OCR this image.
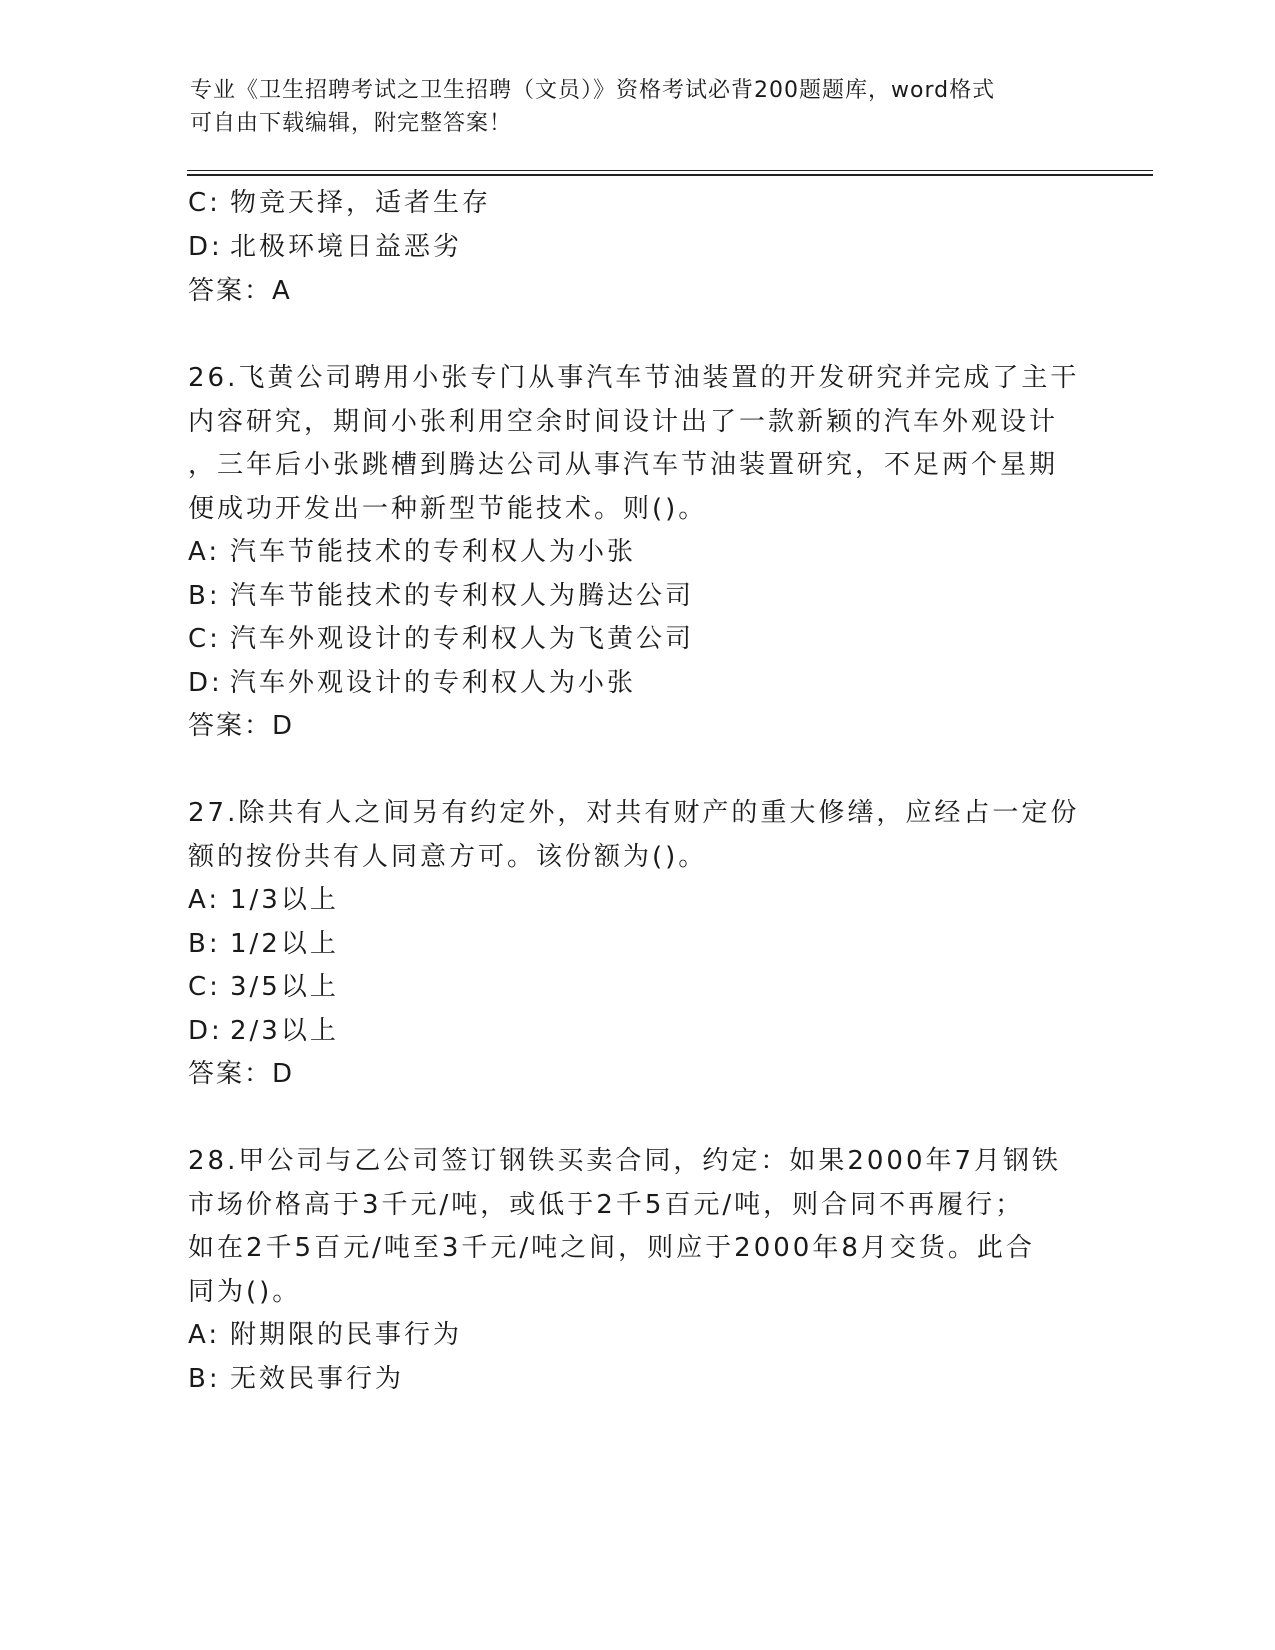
专业《卫生招聘考试之卫生招聘（文员）》资格考试必背200题题库，word格式
可自由下载编辑，附完整答案！
C: 物竞天择，适者生存
D: 北极环境日益恶劣
答案：A
26.飞黄公司聘用小张专门从事汽车节油装置的开发研究并完成了主干
内容研究，期间小张利用空余时间设计出了一款新颖的汽车外观设计
，三年后小张跳槽到腾达公司从事汽车节油装置研究，不足两个星期
便成功开发出一种新型节能技术。则()。
A: 汽车节能技术的专利权人为小张
B: 汽车节能技术的专利权人为腾达公司
C: 汽车外观设计的专利权人为飞黄公司
D: 汽车外观设计的专利权人为小张
答案：D
27.除共有人之间另有约定外，对共有财产的重大修缮，应经占一定份
额的按份共有人同意方可。该份额为()。
A: 1/3以上
B: 1/2以上
C: 3/5以上
D: 2/3以上
答案：D
28.甲公司与乙公司签订钢铁买卖合同，约定：如果2000年7月钢铁
市场价格高于3千元/吨，或低于2千5百元/吨，则合同不再履行；
如在2千5百元/吨至3千元/吨之间，则应于2000年8月交货。此合
同为()。
A: 附期限的民事行为
B: 无效民事行为
